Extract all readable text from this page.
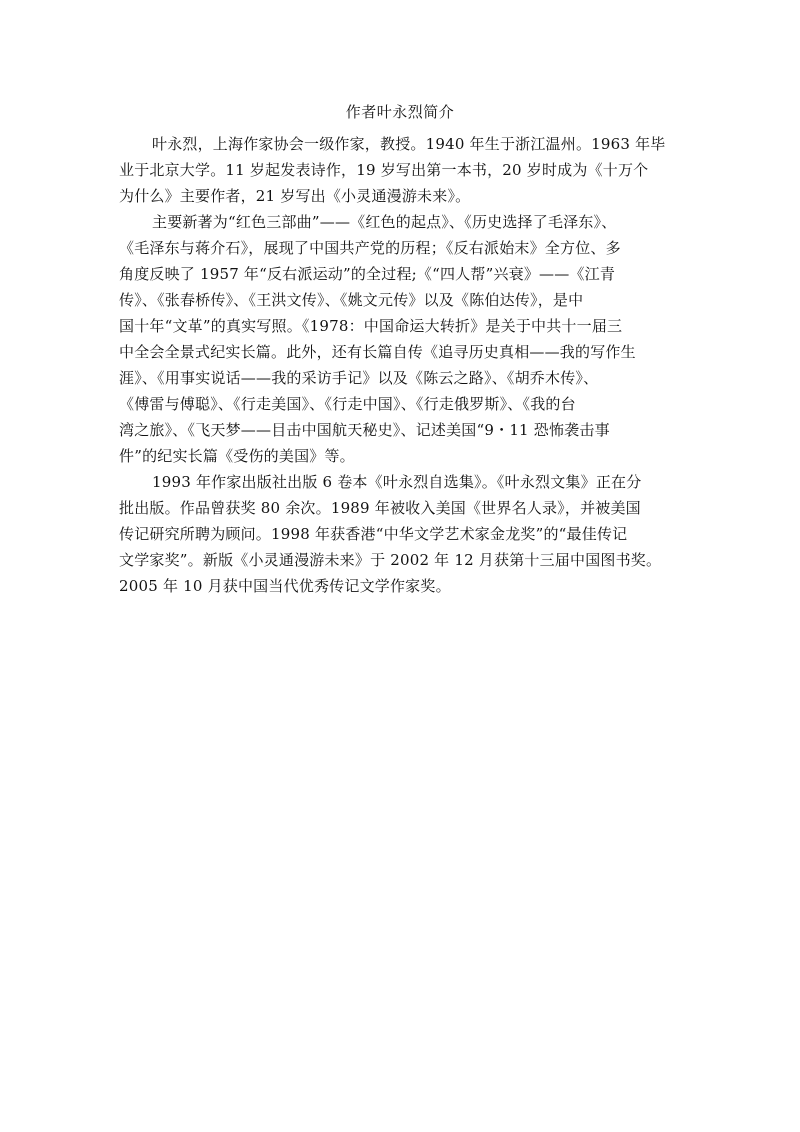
作者叶永烈简介
叶永烈，上海作家协会一级作家，教授。1940 年生于浙江温州。1963 年毕
业于北京大学。11 岁起发表诗作，19 岁写出第一本书，20 岁时成为《十万个
为什么》主要作者，21 岁写出《小灵通漫游未来》。
主要新著为“红色三部曲”——《红色的起点》、《历史选择了毛泽东》、
《毛泽东与蒋介石》，展现了中国共产党的历程；《反右派始末》全方位、多
角度反映了 1957 年“反右派运动”的全过程;《“四人帮”兴衰》——《江青
传》、《张春桥传》、《王洪文传》、《姚文元传》以及《陈伯达传》，是中
国十年“文革”的真实写照。《1978：中国命运大转折》是关于中共十一届三
中全会全景式纪实长篇。此外，还有长篇自传《追寻历史真相——我的写作生
涯》、《用事实说话——我的采访手记》以及《陈云之路》、《胡乔木传》、
《傅雷与傅聪》、《行走美国》、《行走中国》、《行走俄罗斯》、《我的台
湾之旅》、《飞天梦——目击中国航天秘史》、记述美国“9・11 恐怖袭击事
件”的纪实长篇《受伤的美国》等。
1993 年作家出版社出版 6 卷本《叶永烈自选集》。《叶永烈文集》正在分
批出版。作品曾获奖 80 余次。1989 年被收入美国《世界名人录》，并被美国
传记研究所聘为顾问。1998 年获香港“中华文学艺术家金龙奖”的“最佳传记
文学家奖”。新版《小灵通漫游未来》于 2002 年 12 月获第十三届中国图书奖。
2005 年 10 月获中国当代优秀传记文学作家奖。
